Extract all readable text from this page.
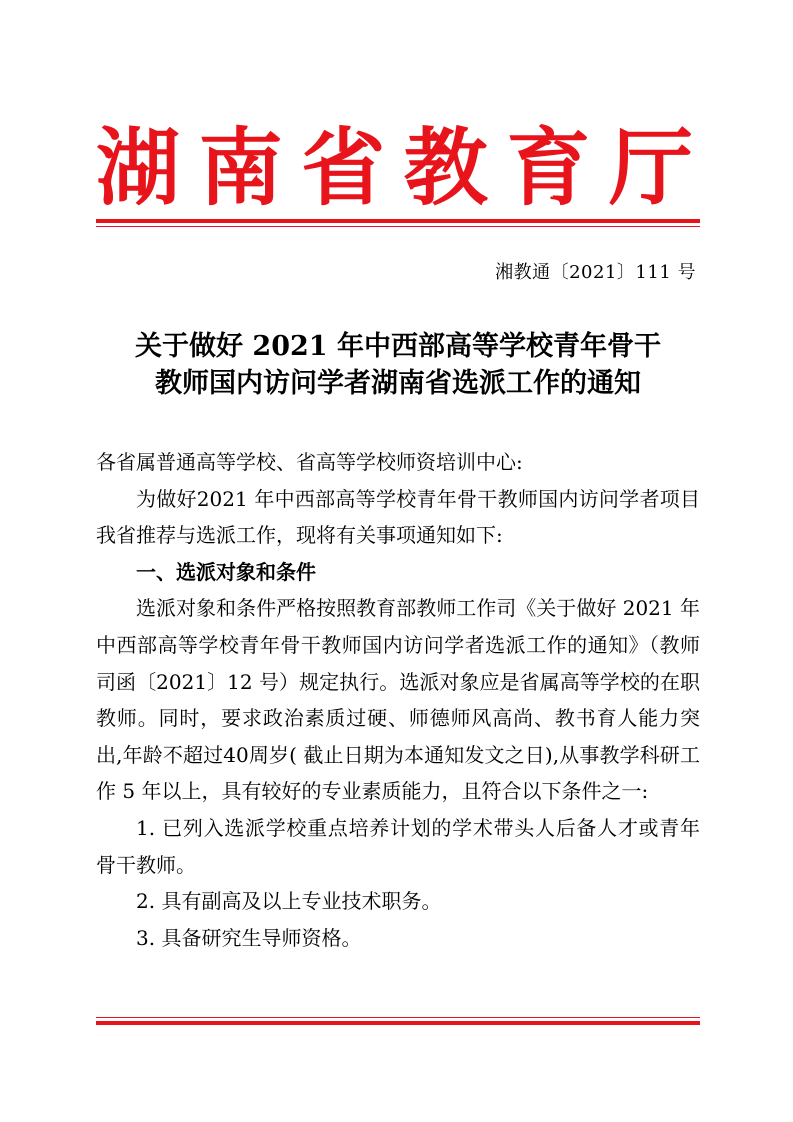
湖 南 省 教 育 厅
湘教通〔2021〕111 号
关于做好 2021 年中西部高等学校青年骨干
教师国内访问学者湖南省选派工作的通知

各省属普通高等学校、省高等学校师资培训中心:

为做好2021 年中西部高等学校青年骨干教师国内访问学者项目我省推荐与选派工作，现将有关事项通知如下:

一、选派对象和条件

选派对象和条件严格按照教育部教师工作司《关于做好 2021 年中西部高等学校青年骨干教师国内访问学者选派工作的通知》（教师司函〔2021〕12 号）规定执行。选派对象应是省属高等学校的在职教师。同时，要求政治素质过硬、师德师风高尚、教书育人能力突出,年龄不超过40周岁( 截止日期为本通知发文之日),从事教学科研工作 5 年以上，具有较好的专业素质能力，且符合以下条件之一:

1. 已列入选派学校重点培养计划的学术带头人后备人才或青年骨干教师。

2. 具有副高及以上专业技术职务。

3. 具备研究生导师资格。
